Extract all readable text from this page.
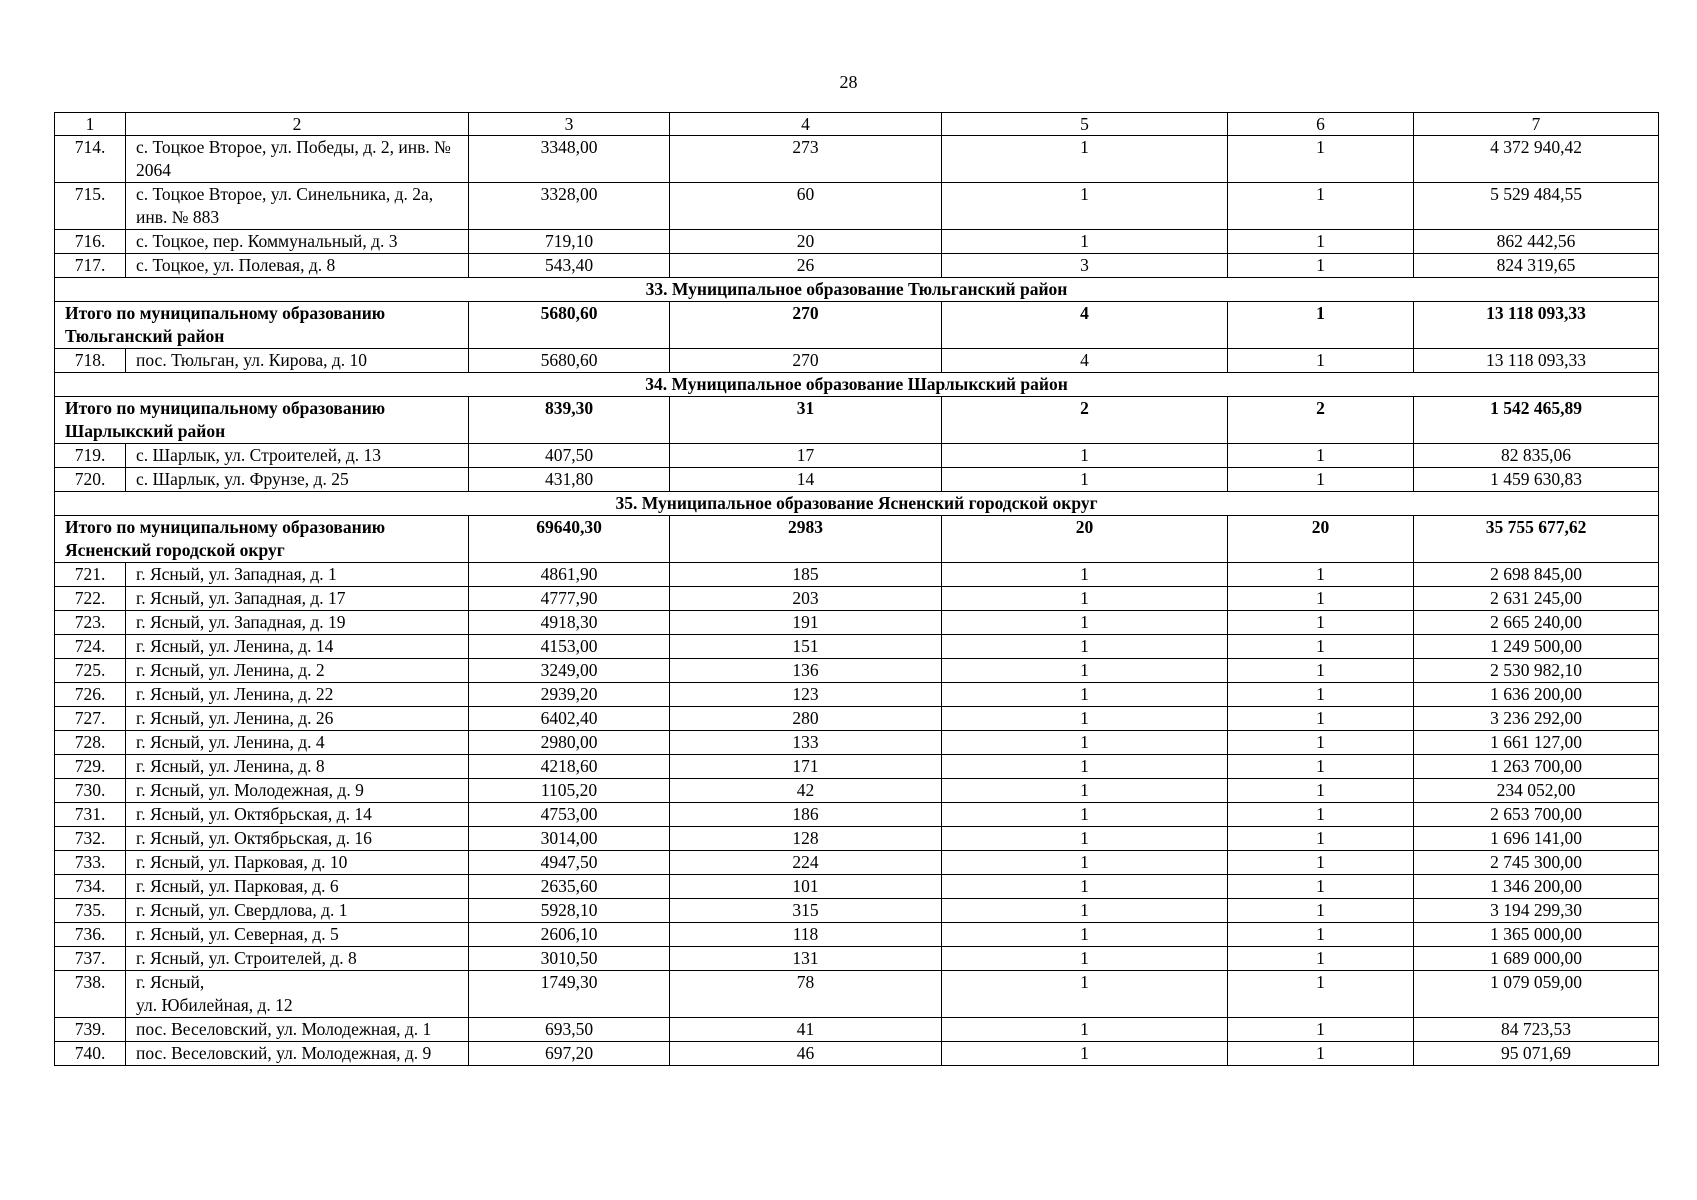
28
1	2	3	4	5	6	7
714.	с. Тоцкое Второе, ул. Победы, д. 2, инв. № 2064	3348,00	273	1	1	4 372 940,42
715.	с. Тоцкое Второе, ул. Синельника, д. 2а, инв. № 883	3328,00	60	1	1	5 529 484,55
716.	с. Тоцкое, пер. Коммунальный, д. 3	719,10	20	1	1	862 442,56
717.	с. Тоцкое, ул. Полевая, д. 8	543,40	26	3	1	824 319,65
33. Муниципальное образование Тюльганский район						
Итого по муниципальному образованию Тюльганский район		5680,60	270	4	1	13 118 093,33
718.	пос. Тюльган, ул. Кирова, д. 10	5680,60	270	4	1	13 118 093,33
34. Муниципальное образование Шарлыкский район						
Итого по муниципальному образованию Шарлыкский район		839,30	31	2	2	1 542 465,89
719.	с. Шарлык, ул. Строителей, д. 13	407,50	17	1	1	82 835,06
720.	с. Шарлык, ул. Фрунзе, д. 25	431,80	14	1	1	1 459 630,83
35. Муниципальное образование Ясненский городской округ						
Итого по муниципальному образованию Ясненский городской округ		69640,30	2983	20	20	35 755 677,62
721.	г. Ясный, ул. Западная, д. 1	4861,90	185	1	1	2 698 845,00
722.	г. Ясный, ул. Западная, д. 17	4777,90	203	1	1	2 631 245,00
723.	г. Ясный, ул. Западная, д. 19	4918,30	191	1	1	2 665 240,00
724.	г. Ясный, ул. Ленина, д. 14	4153,00	151	1	1	1 249 500,00
725.	г. Ясный, ул. Ленина, д. 2	3249,00	136	1	1	2 530 982,10
726.	г. Ясный, ул. Ленина, д. 22	2939,20	123	1	1	1 636 200,00
727.	г. Ясный, ул. Ленина, д. 26	6402,40	280	1	1	3 236 292,00
728.	г. Ясный, ул. Ленина, д. 4	2980,00	133	1	1	1 661 127,00
729.	г. Ясный, ул. Ленина, д. 8	4218,60	171	1	1	1 263 700,00
730.	г. Ясный, ул. Молодежная, д. 9	1105,20	42	1	1	234 052,00
731.	г. Ясный, ул. Октябрьская, д. 14	4753,00	186	1	1	2 653 700,00
732.	г. Ясный, ул. Октябрьская, д. 16	3014,00	128	1	1	1 696 141,00
733.	г. Ясный, ул. Парковая, д. 10	4947,50	224	1	1	2 745 300,00
734.	г. Ясный, ул. Парковая, д. 6	2635,60	101	1	1	1 346 200,00
735.	г. Ясный, ул. Свердлова, д. 1	5928,10	315	1	1	3 194 299,30
736.	г. Ясный, ул. Северная, д. 5	2606,10	118	1	1	1 365 000,00
737.	г. Ясный, ул. Строителей, д. 8	3010,50	131	1	1	1 689 000,00
738.	г. Ясный,
ул. Юбилейная, д. 12	1749,30	78	1	1	1 079 059,00
739.	пос. Веселовский, ул. Молодежная, д. 1	693,50	41	1	1	84 723,53
740.	пос. Веселовский, ул. Молодежная, д. 9	697,20	46	1	1	95 071,69
